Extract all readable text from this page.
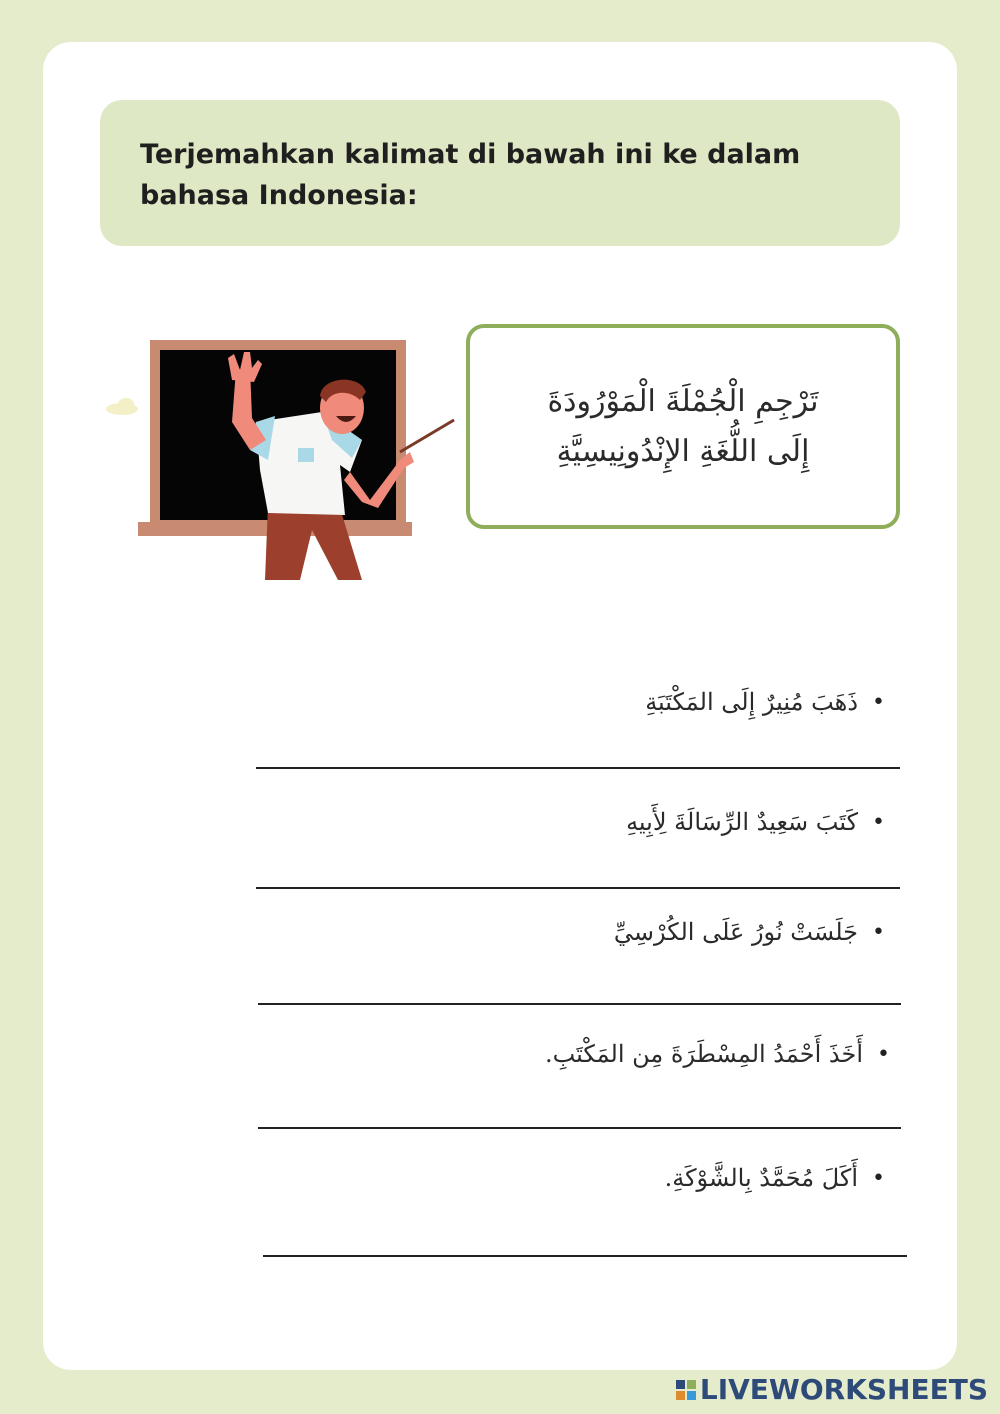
Terjemahkan kalimat di bawah ini ke dalam bahasa Indonesia:
تَرْجِمِ الْجُمْلَةَ الْمَوْرُودَةَ إِلَى اللُّغَةِ الإِنْدُونِيسِيَّةِ
•
ذَهَبَ مُنِيرٌ إِلَى المَكْتَبَةِ
•
كَتَبَ سَعِيدٌ الرِّسَالَةَ لِأَبِيهِ
•
جَلَسَتْ نُورُ عَلَى الكُرْسِيِّ
•
أَخَذَ أَحْمَدُ المِسْطَرَةَ مِن المَكْتَبِ.
•
أَكَلَ مُحَمَّدٌ بِالشَّوْكَةِ.
LIVEWORKSHEETS
